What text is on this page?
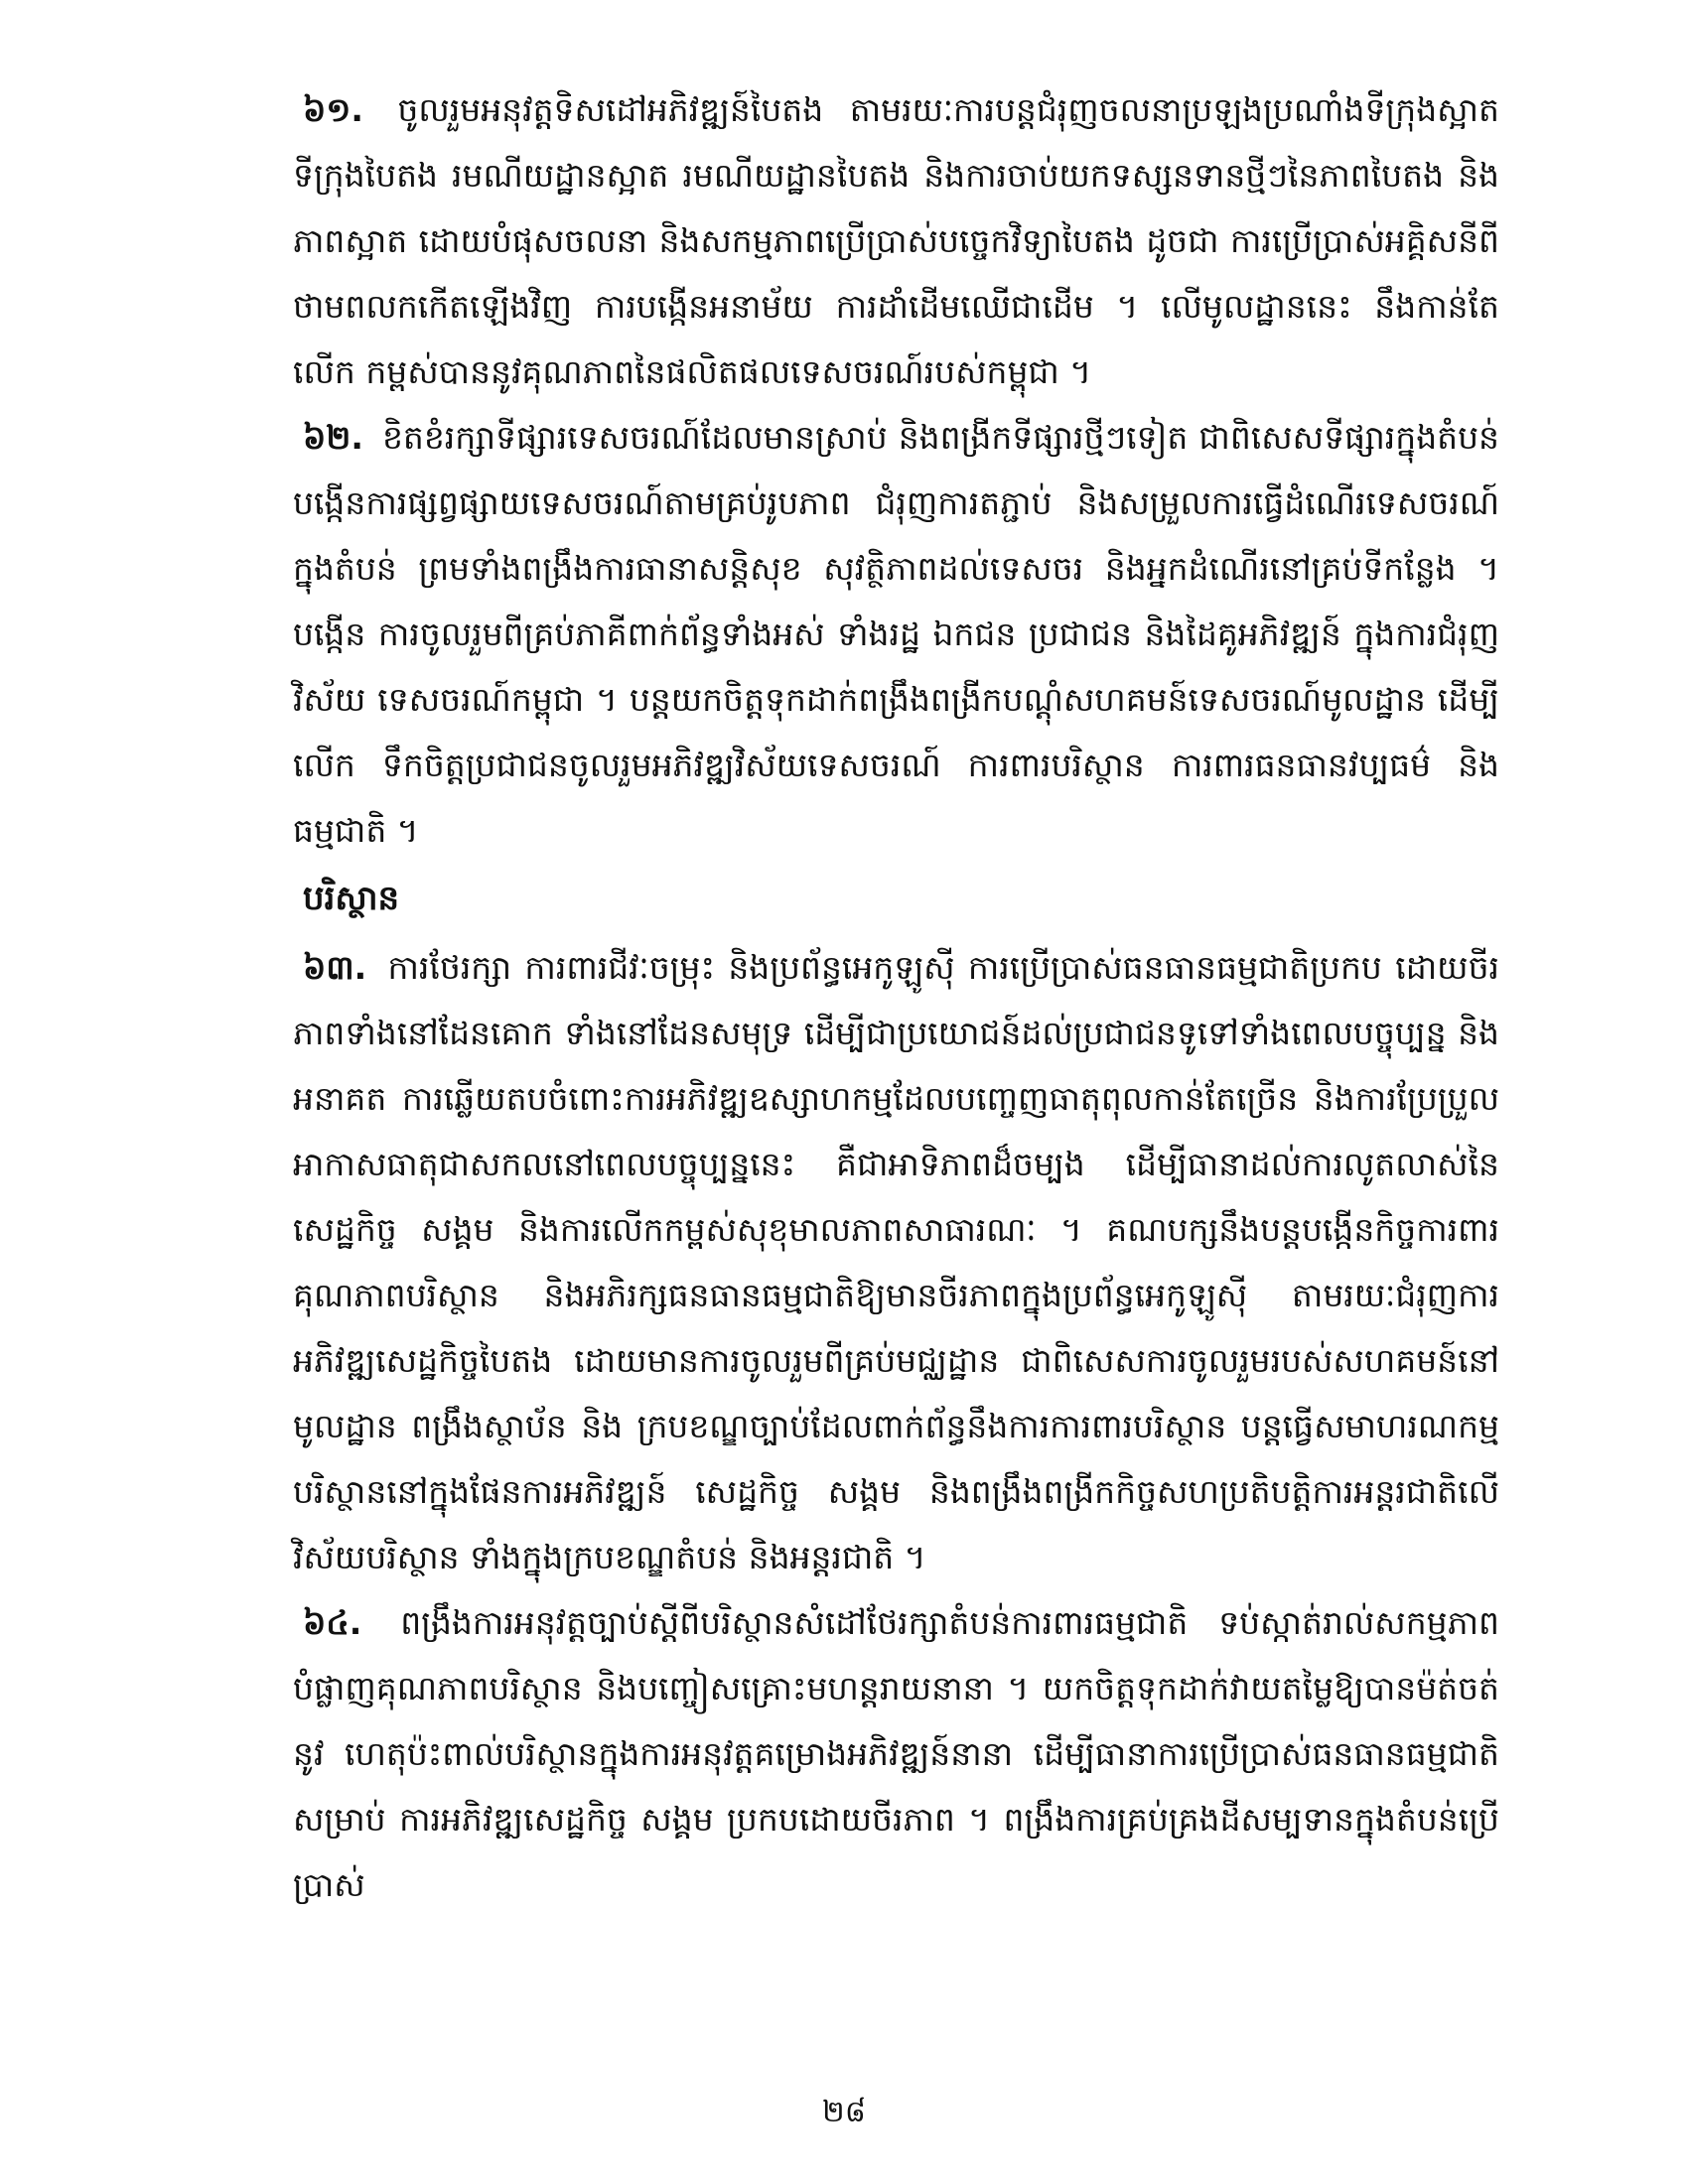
៦១. ចូលរួមអនុវត្តទិសដៅអភិវឌ្ឍន៍បៃតង តាមរយៈការបន្តជំរុញចលនាប្រឡងប្រណាំងទីក្រុងស្អាត ទីក្រុងបៃតង រមណីយដ្ឋានស្អាត រមណីយដ្ឋានបៃតង និងការចាប់យកទស្សនទានថ្មីៗនៃភាពបៃតង និង ភាពស្អាត ដោយបំផុសចលនា និងសកម្មភាពប្រើប្រាស់បច្ចេកវិទ្យាបៃតង ដូចជា ការប្រើប្រាស់អគ្គិសនីពី ថាមពលកកើតឡើងវិញ ការបង្កើនអនាម័យ ការដាំដើមឈើជាដើម ។ លើមូលដ្ឋាននេះ នឹងកាន់តែលើក កម្ពស់បាននូវគុណភាពនៃផលិតផលទេសចរណ៍របស់កម្ពុជា ។

៦២. ខិតខំរក្សាទីផ្សារទេសចរណ៍ដែលមានស្រាប់ និងពង្រីកទីផ្សារថ្មីៗទៀត ជាពិសេសទីផ្សារក្នុងតំបន់ បង្កើនការផ្សព្វផ្សាយទេសចរណ៍តាមគ្រប់រូបភាព ជំរុញការតភ្ជាប់ និងសម្រួលការធ្វើដំណើរទេសចរណ៍ ក្នុងតំបន់ ព្រមទាំងពង្រឹងការធានាសន្តិសុខ សុវត្ថិភាពដល់ទេសចរ និងអ្នកដំណើរនៅគ្រប់ទីកន្លែង ។ បង្កើន ការចូលរួមពីគ្រប់ភាគីពាក់ព័ន្ធទាំងអស់ ទាំងរដ្ឋ ឯកជន ប្រជាជន និងដៃគូអភិវឌ្ឍន៍ ក្នុងការជំរុញវិស័យ ទេសចរណ៍កម្ពុជា ។ បន្តយកចិត្តទុកដាក់ពង្រឹងពង្រីកបណ្តុំសហគមន៍ទេសចរណ៍មូលដ្ឋាន ដើម្បីលើក ទឹកចិត្តប្រជាជនចូលរួមអភិវឌ្ឍវិស័យទេសចរណ៍ ការពារបរិស្ថាន ការពារធនធានវប្បធម៌ និងធម្មជាតិ ។

បរិស្ថាន

៦៣. ការថែរក្សា ការពារជីវៈចម្រុះ និងប្រព័ន្ធអេកូឡូស៊ី ការប្រើប្រាស់ធនធានធម្មជាតិប្រកប ដោយចីរភាពទាំងនៅដែនគោក ទាំងនៅដែនសមុទ្រ ដើម្បីជាប្រយោជន៍ដល់ប្រជាជនទូទៅទាំងពេលបច្ចុប្បន្ន និងអនាគត ការឆ្លើយតបចំពោះការអភិវឌ្ឍឧស្សាហកម្មដែលបញ្ចេញធាតុពុលកាន់តែច្រើន និងការប្រែប្រួល អាកាសធាតុជាសកលនៅពេលបច្ចុប្បន្ននេះ គឺជាអាទិភាពដ៏ចម្បង ដើម្បីធានាដល់ការលូតលាស់នៃសេដ្ឋកិច្ច សង្គម និងការលើកកម្ពស់សុខុមាលភាពសាធារណៈ ។ គណបក្សនឹងបន្តបង្កើនកិច្ចការពារគុណភាពបរិស្ថាន និងអភិរក្សធនធានធម្មជាតិឱ្យមានចីរភាពក្នុងប្រព័ន្ធអេកូឡូស៊ី តាមរយៈជំរុញការអភិវឌ្ឍសេដ្ឋកិច្ចបៃតង ដោយមានការចូលរួមពីគ្រប់មជ្ឈដ្ឋាន ជាពិសេសការចូលរួមរបស់សហគមន៍នៅមូលដ្ឋាន ពង្រឹងស្ថាប័ន និង ក្របខណ្ឌច្បាប់ដែលពាក់ព័ន្ធនឹងការការពារបរិស្ថាន បន្តធ្វើសមាហរណកម្មបរិស្ថាននៅក្នុងផែនការអភិវឌ្ឍន៍ សេដ្ឋកិច្ច សង្គម និងពង្រឹងពង្រីកកិច្ចសហប្រតិបត្តិការអន្តរជាតិលើវិស័យបរិស្ថាន ទាំងក្នុងក្របខណ្ឌតំបន់ និងអន្តរជាតិ ។

៦៤. ពង្រឹងការអនុវត្តច្បាប់ស្តីពីបរិស្ថានសំដៅថែរក្សាតំបន់ការពារធម្មជាតិ ទប់ស្កាត់រាល់សកម្មភាព បំផ្លាញគុណភាពបរិស្ថាន និងបញ្ចៀសគ្រោះមហន្តរាយនានា ។ យកចិត្តទុកដាក់វាយតម្លៃឱ្យបានម៉ត់ចត់នូវ ហេតុប៉ះពាល់បរិស្ថានក្នុងការអនុវត្តគម្រោងអភិវឌ្ឍន៍នានា ដើម្បីធានាការប្រើប្រាស់ធនធានធម្មជាតិសម្រាប់ ការអភិវឌ្ឍសេដ្ឋកិច្ច សង្គម ប្រកបដោយចីរភាព ។ ពង្រឹងការគ្រប់គ្រងដីសម្បទានក្នុងតំបន់ប្រើប្រាស់

២៨
